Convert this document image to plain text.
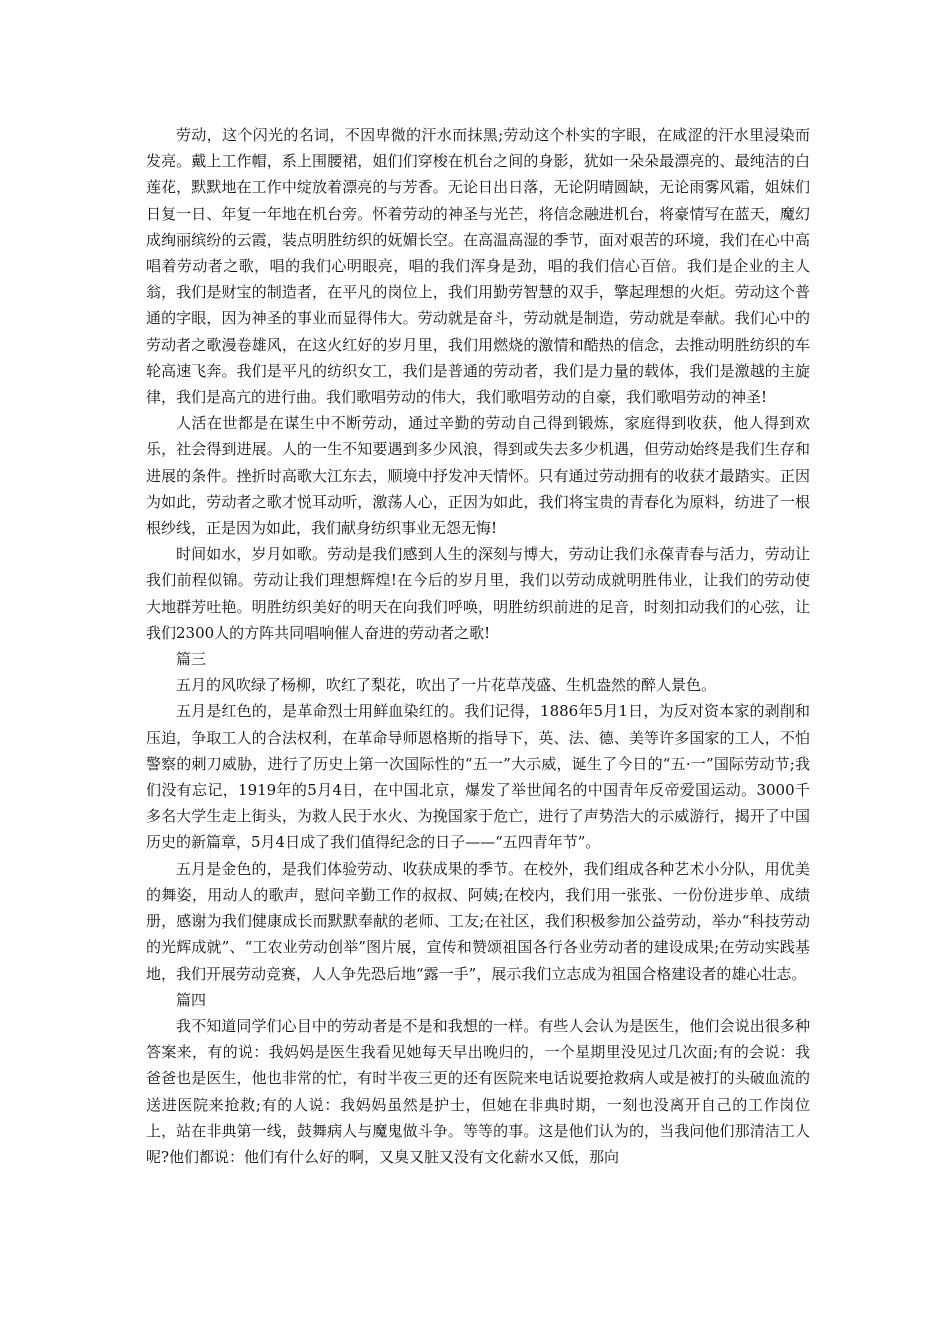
劳动，这个闪光的名词，不因卑微的汗水而抹黑;劳动这个朴实的字眼，在咸涩的汗水里浸染而发亮。戴上工作帽，系上围腰裙，姐们们穿梭在机台之间的身影，犹如一朵朵最漂亮的、最纯洁的白莲花，默默地在工作中绽放着漂亮的与芳香。无论日出日落，无论阴晴圆缺，无论雨雾风霜，姐妹们日复一日、年复一年地在机台旁。怀着劳动的神圣与光芒，将信念融进机台，将豪情写在蓝天，魔幻成绚丽缤纷的云霞，装点明胜纺织的妩媚长空。在高温高湿的季节，面对艰苦的环境，我们在心中高唱着劳动者之歌，唱的我们心明眼亮，唱的我们浑身是劲，唱的我们信心百倍。我们是企业的主人翁，我们是财宝的制造者，在平凡的岗位上，我们用勤劳智慧的双手，擎起理想的火炬。劳动这个普通的字眼，因为神圣的事业而显得伟大。劳动就是奋斗，劳动就是制造，劳动就是奉献。我们心中的劳动者之歌漫卷雄风，在这火红好的岁月里，我们用燃烧的激情和酷热的信念，去推动明胜纺织的车轮高速飞奔。我们是平凡的纺织女工，我们是普通的劳动者，我们是力量的载体，我们是激越的主旋律，我们是高亢的进行曲。我们歌唱劳动的伟大，我们歌唱劳动的自豪，我们歌唱劳动的神圣!

人活在世都是在谋生中不断劳动，通过辛勤的劳动自己得到锻炼，家庭得到收获，他人得到欢乐，社会得到进展。人的一生不知要遇到多少风浪，得到或失去多少机遇，但劳动始终是我们生存和进展的条件。挫折时高歌大江东去，顺境中抒发冲天情怀。只有通过劳动拥有的收获才最踏实。正因为如此，劳动者之歌才悦耳动听，激荡人心，正因为如此，我们将宝贵的青春化为原料，纺进了一根根纱线，正是因为如此，我们献身纺织事业无怨无悔!

时间如水，岁月如歌。劳动是我们感到人生的深刻与博大，劳动让我们永葆青春与活力，劳动让我们前程似锦。劳动让我们理想辉煌!在今后的岁月里，我们以劳动成就明胜伟业，让我们的劳动使大地群芳吐艳。明胜纺织美好的明天在向我们呼唤，明胜纺织前进的足音，时刻扣动我们的心弦，让我们2300人的方阵共同唱响催人奋进的劳动者之歌!

篇三

五月的风吹绿了杨柳，吹红了梨花，吹出了一片花草茂盛、生机盎然的醉人景色。

五月是红色的，是革命烈士用鲜血染红的。我们记得，1886年5月1日，为反对资本家的剥削和压迫，争取工人的合法权利，在革命导师恩格斯的指导下，英、法、德、美等许多国家的工人，不怕警察的刺刀威胁，进行了历史上第一次国际性的“五一”大示威，诞生了今日的“五·一”国际劳动节;我们没有忘记，1919年的5月4日，在中国北京，爆发了举世闻名的中国青年反帝爱国运动。3000千多名大学生走上街头，为救人民于水火、为挽国家于危亡，进行了声势浩大的示威游行，揭开了中国历史的新篇章，5月4日成了我们值得纪念的日子——“五四青年节”。

五月是金色的，是我们体验劳动、收获成果的季节。在校外，我们组成各种艺术小分队，用优美的舞姿，用动人的歌声，慰问辛勤工作的叔叔、阿姨;在校内，我们用一张张、一份份进步单、成绩册，感谢为我们健康成长而默默奉献的老师、工友;在社区，我们积极参加公益劳动，举办“科技劳动的光辉成就”、“工农业劳动创举”图片展，宣传和赞颂祖国各行各业劳动者的建设成果;在劳动实践基地，我们开展劳动竞赛，人人争先恐后地“露一手”，展示我们立志成为祖国合格建设者的雄心壮志。

篇四

我不知道同学们心目中的劳动者是不是和我想的一样。有些人会认为是医生，他们会说出很多种答案来，有的说：我妈妈是医生我看见她每天早出晚归的，一个星期里没见过几次面;有的会说：我爸爸也是医生，他也非常的忙，有时半夜三更的还有医院来电话说要抢救病人或是被打的头破血流的送进医院来抢救;有的人说：我妈妈虽然是护士，但她在非典时期，一刻也没离开自己的工作岗位上，站在非典第一线，鼓舞病人与魔鬼做斗争。等等的事。这是他们认为的，当我问他们那清洁工人呢?他们都说：他们有什么好的啊，又臭又脏又没有文化薪水又低，那向
